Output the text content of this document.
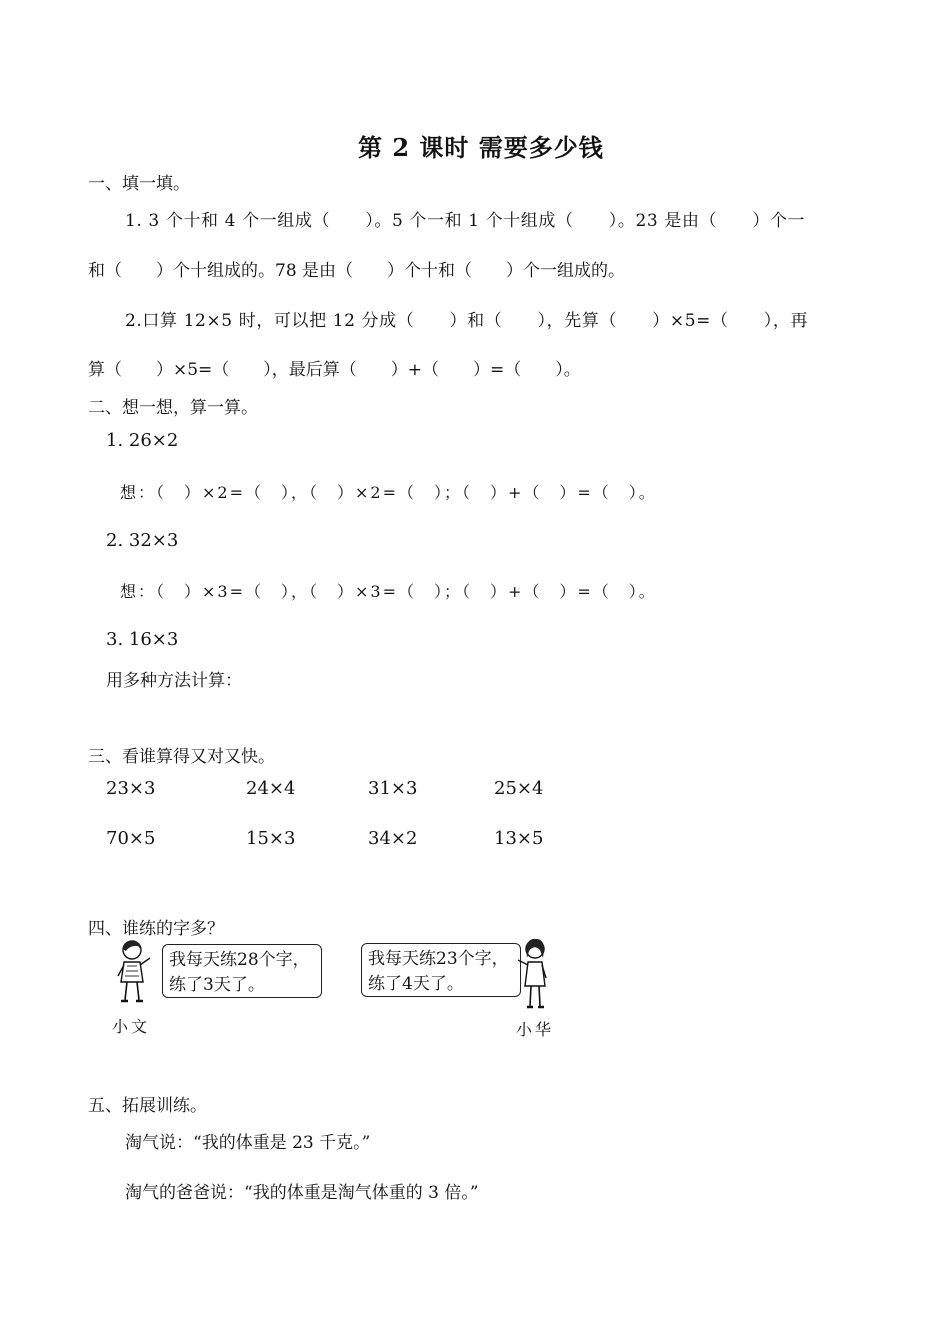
第 2 课时 需要多少钱
一、填一填。
1. 3 个十和 4 个一组成（　　）。5 个一和 1 个十组成（　　）。23 是由（　　）个一
和（　　）个十组成的。78 是由（　　）个十和（　　）个一组成的。
2.口算 12×5 时，可以把 12 分成（　　）和（　　），先算（　　）×5=（　　），再
算（　　）×5=（　　），最后算（　　）+（　　）=（　　）。
二、想一想，算一算。
1. 26×2
想：（　）×2=（　），（　）×2=（　）；（　）+（　）=（　）。
2. 32×3
想：（　）×3=（　），（　）×3=（　）；（　）+（　）=（　）。
3. 16×3
用多种方法计算：
三、看谁算得又对又快。
23×3	24×4	31×3	25×4
70×5	15×3	34×2	13×5
四、谁练的字多？
我每天练28个字，
练了3天了。
小文
我每天练23个字，
练了4天了。
小华
五、拓展训练。
淘气说：“我的体重是 23 千克。”
淘气的爸爸说：“我的体重是淘气体重的 3 倍。”
